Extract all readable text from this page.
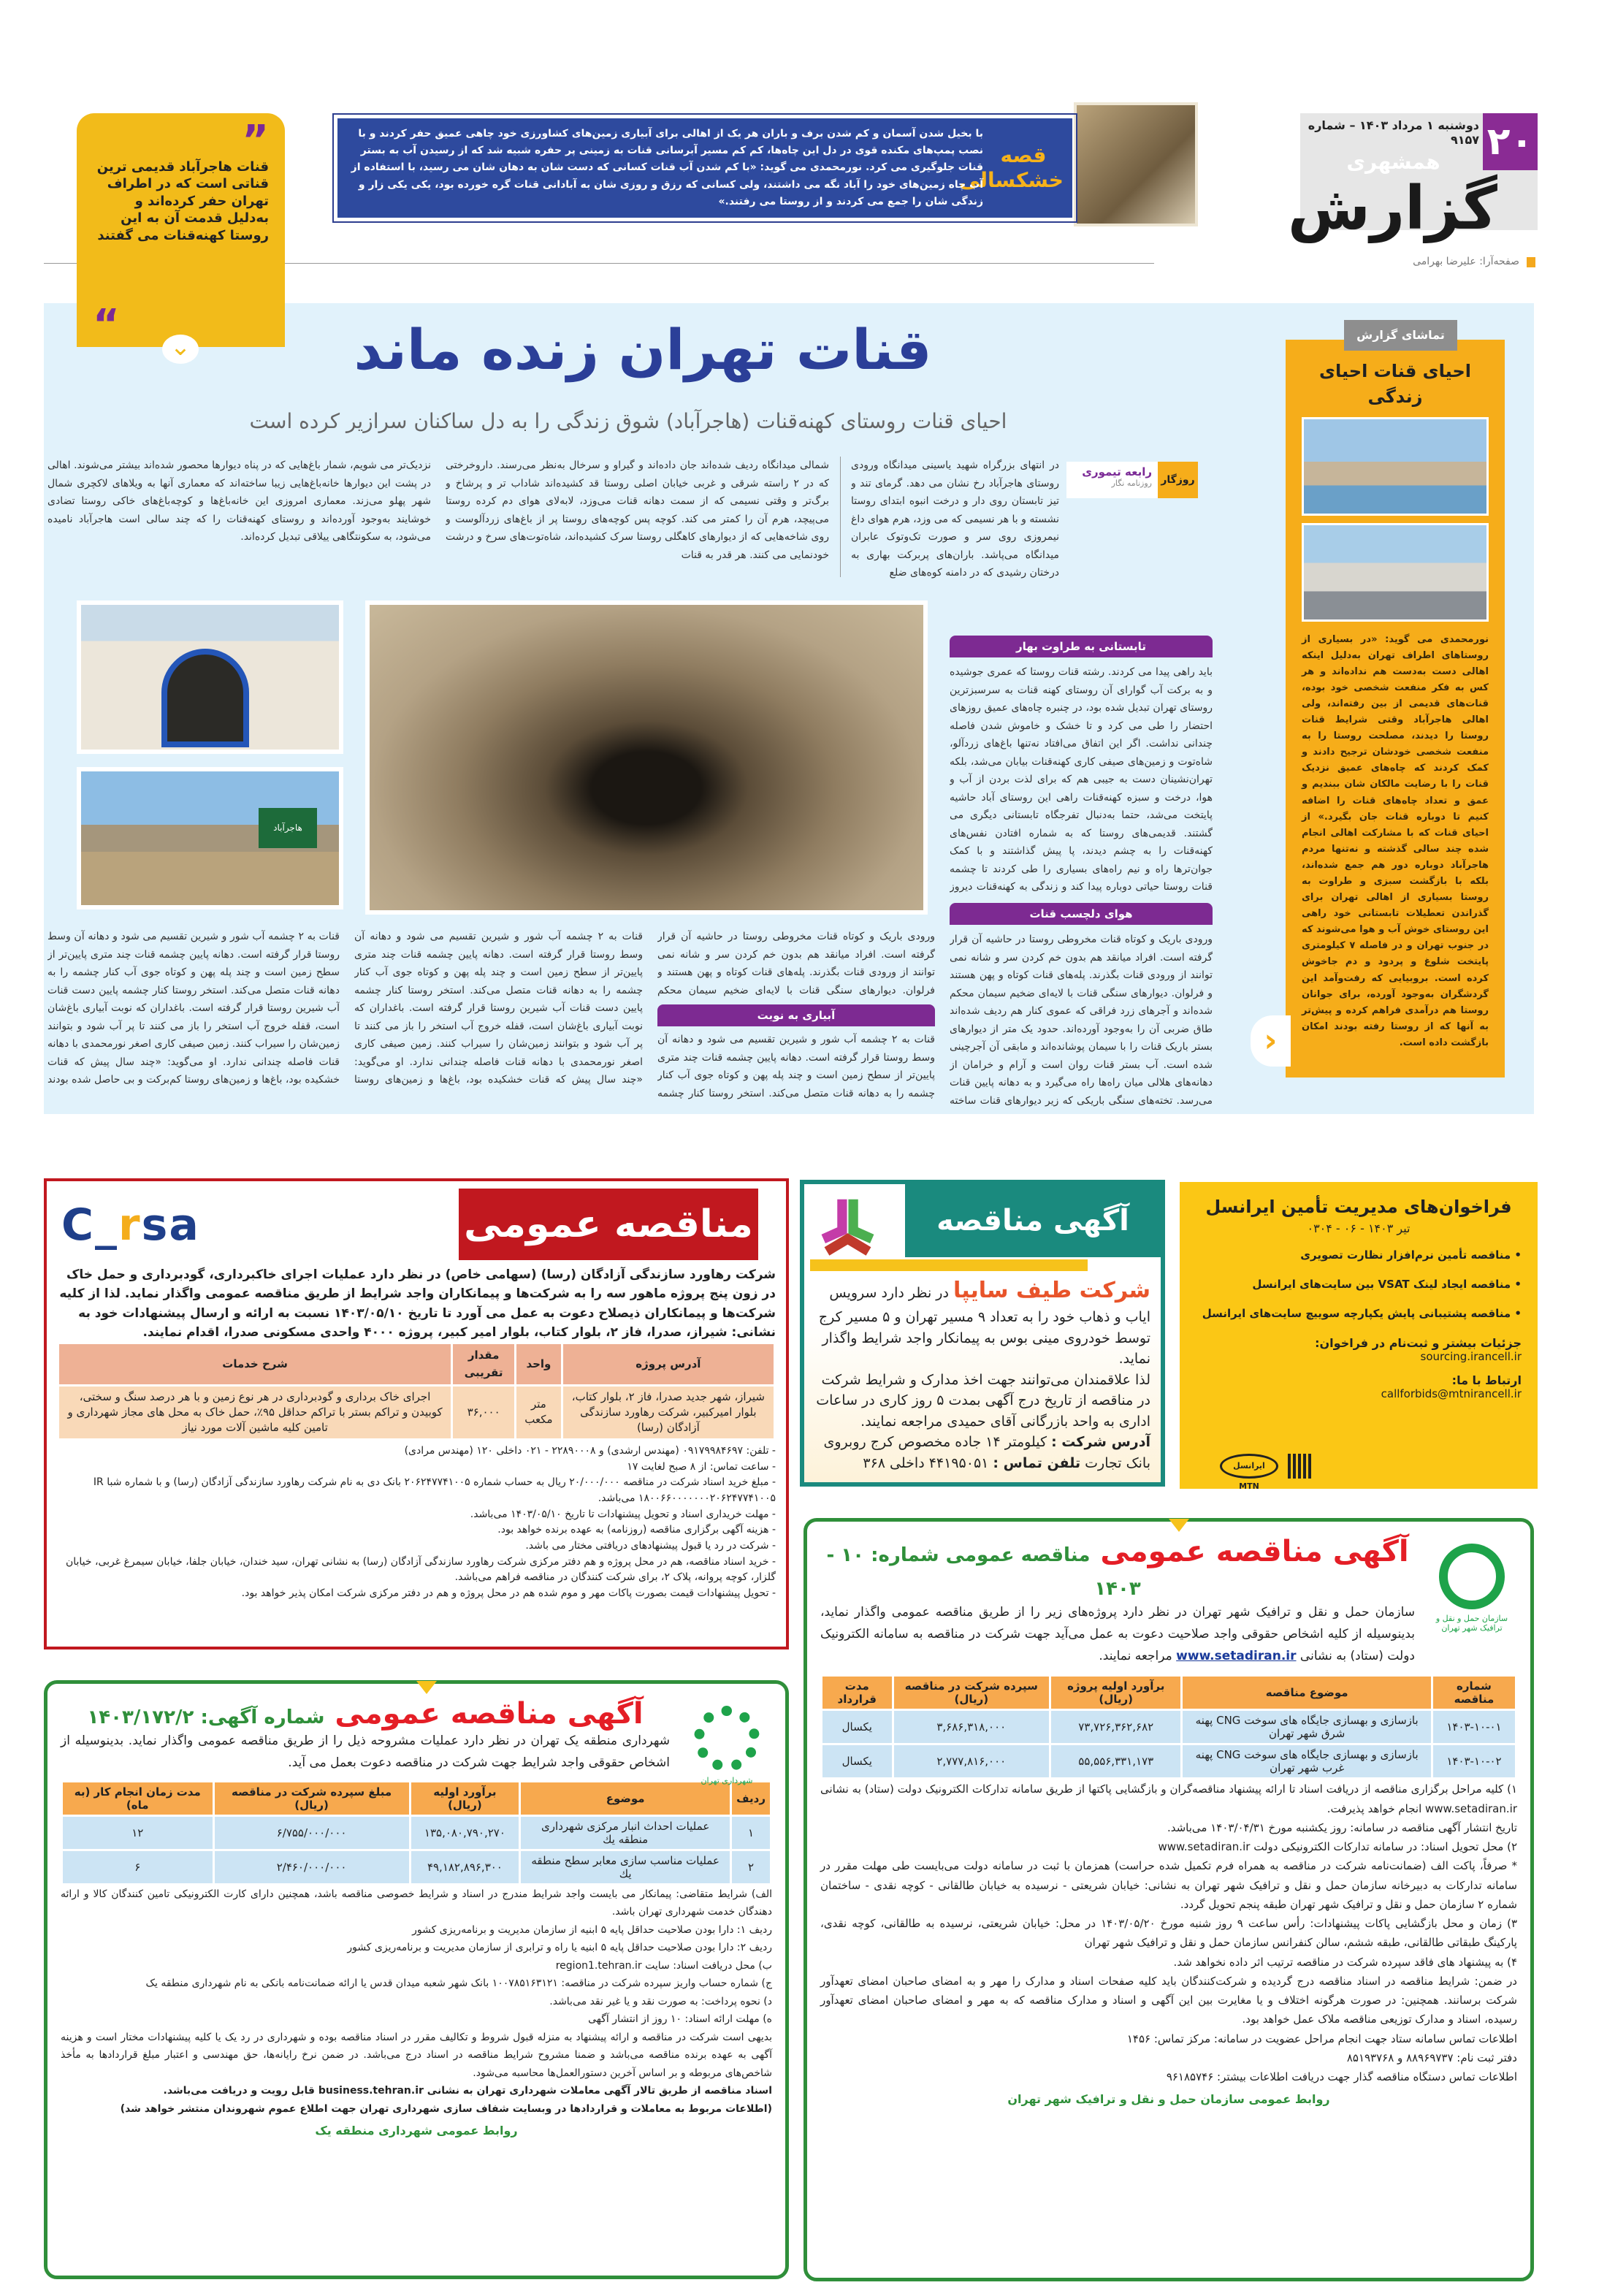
۲۰
دوشنبه ۱ مرداد ۱۴۰۳ – شماره ۹۱۵۷
همشهری
گزارش
صفحه‌آرا: علیرضا بهرامی
قصه خشکسالی
با بخیل شدن آسمان و کم شدن برف و باران هر یک از اهالی برای آبیاری زمین‌های کشاورزی خود چاهی عمیق حفر کردند و با نصب پمپ‌های مکنده قوی در دل این چاه‌ها، کم کم مسیر آبرسانی قنات به زمینی پر حفره شبیه شد که از رسیدن آب به بستر قنات جلوگیری می کرد. نورمحمدی می گوید: «با کم شدن آب قنات کسانی که دست شان به دهان شان می رسید، با استفاده از آب چاه زمین‌های خود را آباد نگه می داشتند، ولی کسانی که رزق و روزی شان به آبادانی قنات گره خورده بود، یکی یکی زار و زندگی شان را جمع می کردند و از روستا می رفتند.»
”
قنات هاجرآباد قدیمی ترین قناتی است که در اطراف تهران حفر کرده‌اند و به‌دلیل قدمت آن به این روستا کهنه‌قنات می گفتند
“	⌄	قنات تهران زنده ماند
احیای قنات روستای کهنه‌قنات (هاجرآباد) شوق زندگی را به دل ساکنان سرازیر کرده است
روزگار
رابعه تیموری
روزنامه نگار
در انتهای بزرگراه شهید یاسینی میدانگاه ورودی روستای هاجرآباد رخ نشان می دهد. گرمای تند و تیز تابستان روی دار و درخت انبوه ابتدای روستا نشسته و با هر نسیمی که می وزد، هرم هوای داغ نیمروزی روی سر و صورت تک‌وتوک عابران میدانگاه می‌پاشد. باران‌های پربرکت بهاری به درختان رشیدی که در دامنه کوه‌های ضلع
شمالی میدانگاه ردیف شده‌اند جان داده‌اند و گیراو و سرخال به‌نظر می‌رسند. داروخرختی که در ۲ راسته شرقی و غربی خیابان اصلی روستا قد کشیده‌اند شاداب تر و پرشاخ و برگ‌تر و وقتی نسیمی که از سمت دهانه قنات می‌وزد، لابه‌لای هوای دم کرده روستا می‌پیچد، هرم آن را کمتر می کند. کوچه پس کوچه‌های روستا پر از باغ‌های زردآلوست و روی شاخه‌هایی که از دیوارهای کاهگلی روستا سرک کشیده‌اند، شاه‌توت‌های سرخ و درشت خودنمایی می کنند. هر قدر به قنات
نزدیک‌تر می شویم، شمار باغ‌هایی که در پناه دیوارها محصور شده‌اند بیشتر می‌شوند. اهالی در پشت این دیوارها خانه‌باغ‌هایی زیبا ساخته‌اند که معماری آنها به ویلاهای لاکچری شمال شهر پهلو می‌زند. معماری امروزی این خانه‌باغ‌ها و کوچه‌باغ‌های خاکی روستا تضادی خوشایند به‌وجود آورده‌اند و روستای کهنه‌قنات را که چند سالی است هاجرآباد نامیده می‌شود، به سکونتگاهی ییلاقی تبدیل کرده‌اند.
هاجرآباد
تابستانی به طراوت بهار
باید راهی پیدا می کردند. رشته قنات روستا که عمری جوشیده و به برکت آب گوارای آن روستای کهنه قنات به سرسبزترین روستای تهران تبدیل شده بود، در چنبره چاه‌های عمیق روزهای احتضار را طی می کرد و تا خشک و خاموش شدن فاصله چندانی نداشت. اگر این اتفاق می‌افتاد نه‌تنها باغ‌های زردآلو، شاه‌توت و زمین‌های صیفی کاری کهنه‌قنات بیابان می‌شد، بلکه تهران‌نشینان دست به جیبی هم که برای لذت بردن از آب و هوا، درخت و سبزه کهنه‌قنات راهی این روستای آباد حاشیه پایتخت می‌شد، حتما به‌دنبال تفرجگاه تابستانی دیگری می گشتند. قدیمی‌های روستا که به شماره افتادن نفس‌های کهنه‌قنات را به چشم دیدند، پا پیش گذاشتند و با کمک جوان‌ترها راه و نیم راه‌های بسیاری را طی کردند تا چشمه قنات روستا حیاتی دوباره پیدا کند و زندگی به کهنه‌قنات دیروز
هوای دلچسب قنات
ورودی باریک و کوتاه قنات مخروطی روستا در حاشیه آن قرار گرفته است. افراد میانقد هم بدون خم کردن سر و شانه نمی توانند از ورودی قنات بگذرند. پله‌های قنات کوتاه و پهن هستند و فرلوان. دیوارهای سنگی قنات با لایه‌ای ضخیم سیمان محکم شده‌اند و آجرهای زرد فراقی که عموی کنار هم ردیف شده‌اند طاق ضربی آن را به‌وجود آورده‌اند. حدود یک متر از دیوارهای بستر باریک قنات را با سیمان پوشانده‌اند و مابقی آن آجرچینی شده است. آب بستر قنات روان است و آرام و خرامان از دهانه‌های هلالی میان راه‌ها راه می‌گیرد و به دهانه پایین قنات می‌رسد. تخته‌های سنگی باریکی که زیر دیوارهای قنات ساخته
ورودی باریک و کوتاه قنات مخروطی روستا در حاشیه آن قرار گرفته است. افراد میانقد هم بدون خم کردن سر و شانه نمی توانند از ورودی قنات بگذرند. پله‌های قنات کوتاه و پهن هستند و فرلوان. دیوارهای سنگی قنات با لایه‌ای ضخیم سیمان محکم
آبیاری به نوبت
قنات به ۲ چشمه آب شور و شیرین تقسیم می شود و دهانه آن وسط روستا قرار گرفته است. دهانه پایین چشمه قنات چند متری پایین‌تر از سطح زمین است و چند پله پهن و کوتاه جوی آب کنار چشمه را به دهانه قنات متصل می‌کند. استخر روستا کنار چشمه
قنات به ۲ چشمه آب شور و شیرین تقسیم می شود و دهانه آن وسط روستا قرار گرفته است. دهانه پایین چشمه قنات چند متری پایین‌تر از سطح زمین است و چند پله پهن و کوتاه جوی آب کنار چشمه را به دهانه قنات متصل می‌کند. استخر روستا کنار چشمه پایین دست قنات آب شیرین روستا قرار گرفته است. باغداران که نوبت آبیاری باغ‌شان است، قفله خروج آب استخر را باز می کنند تا پر آب شود و بتوانند زمین‌شان را سیراب کنند. زمین صیفی کاری اصغر نورمحمدی با دهانه قنات فاصله چندانی ندارد. او می‌گوید: «چند سال پیش که قنات خشکیده بود، باغ‌ها و زمین‌های روستا
قنات به ۲ چشمه آب شور و شیرین تقسیم می شود و دهانه آن وسط روستا قرار گرفته است. دهانه پایین چشمه قنات چند متری پایین‌تر از سطح زمین است و چند پله پهن و کوتاه جوی آب کنار چشمه را به دهانه قنات متصل می‌کند. استخر روستا کنار چشمه پایین دست قنات آب شیرین روستا قرار گرفته است. باغداران که نوبت آبیاری باغ‌شان است، قفله خروج آب استخر را باز می کنند تا پر آب شود و بتوانند زمین‌شان را سیراب کنند. زمین صیفی کاری اصغر نورمحمدی با دهانه قنات فاصله چندانی ندارد. او می‌گوید: «چند سال پیش که قنات خشکیده بود، باغ‌ها و زمین‌های روستا کم‌برکت و بی حاصل شده بودند
احیای قنات احیای زندگی
نورمحمدی می گوید: «در بسیاری از روستاهای اطراف تهران به‌دلیل اینکه اهالی دست به‌دست هم نداده‌اند و هر کس به فکر منفعت شخصی خود بوده، قنات‌های قدیمی از بین رفته‌اند، ولی اهالی هاجرآباد وقتی شرایط قنات روستا را دیدند، مصلحت روستا را به منفعت شخصی خودشان ترجیح دادند و کمک کردند که چاه‌های عمیق نزدیک قنات را با رضایت مالکان شان ببندیم و عمق و تعداد چاه‌های قنات را اضافه کنیم تا دوباره قنات جان بگیرد.» از احیای قنات که با مشارکت اهالی انجام شده چند سالی گذشته و نه‌تنها مردم هاجرآباد دوباره دور هم جمع شده‌اند، بلکه با بازگشت سبزی و طراوت به روستا بسیاری از اهالی تهران برای گذراندن تعطیلات تابستانی خود راهی این روستای خوش آب و هوا می‌شوند که در جنوب تهران و در فاصله ۷ کیلومتری پایتخت شلوغ و پردود و دم جاخوش کرده است. بروبیایی که رفت‌وآمد این گردشگران به‌وجود آورده، برای جوانان روستا هم درآمدی فراهم کرده و پیش‌تر به آنها که از روستا رفته بودند امکان بازگشت داده است.
تماشای گزارش
‹
C_rsa	مناقصه عمومی
شرکت رهاورد سازندگی آزادگان (رسا) (سهامی خاص) در نظر دارد عملیات اجرای خاکبرداری، گودبرداری و حمل خاک در زون پنج پروژه ماهور سه را به شرکت‌ها و پیمانکاران واجد شرایط از طریق مناقصه عمومی واگذار نماید. لذا از کلیه شرکت‌ها و پیمانکاران ذیصلاح دعوت به عمل می آورد تا تاریخ ۱۴۰۳/۰۵/۱۰ نسبت به ارائه و ارسال پیشنهادات خود به نشانی: شیراز، صدرا، فاز ۲، بلوار کتاب، بلوار امیر کبیر، پروژه ۴۰۰۰ واحدی مسکونی صدرا، اقدام نمایند.
آدرس پروژه	واحد	مقدار تقریبی	شرح خدمات
شیراز، شهر جدید صدرا، فاز ۲، بلوار کتاب، بلوار امیرکبیر، شرکت رهاورد سازندگی آزادگان (رسا)	متر مکعب	۳۶,۰۰۰	اجرای خاک برداری و گودبرداری در هر نوع زمین و با هر درصد سنگ و سختی، کوبیدن و تراکم بستر با تراکم حداقل ۹۵٪، حمل خاک به محل های مجاز شهرداری و تامین کلیه ماشین آلات مورد نیاز
- تلفن: ۰۹۱۷۹۹۸۴۶۹۷ (مهندس ارشدی) و ۲۲۸۹۰۰۰۸ - ۰۲۱ داخلی ۱۲۰ (مهندس مرادی)
- ساعت تماس: از ۸ صبح لغایت ۱۷
- مبلغ خرید اسناد شرکت در مناقصه ۲۰/۰۰۰/۰۰۰ ریال به حساب شماره ۲۰۶۲۴۷۷۴۱۰۰۵ بانک دی به نام شرکت رهاورد سازندگی آزادگان (رسا) و با شماره شبا IR ۱۸۰۰۶۶۰۰۰۰۰۰۰۲۰۶۲۴۷۷۴۱۰۰۵ می‌باشد.
- مهلت خریداری اسناد و تحویل پیشنهادات تا تاریخ ۱۴۰۳/۰۵/۱۰ می‌باشد.
- هزینه آگهی برگزاری مناقصه (روزنامه) به عهده برنده خواهد بود.
- شرکت در رد یا قبول پیشنهادهای دریافتی مختار می باشد.
- خرید اسناد مناقصه، هم در محل پروژه و هم دفتر مرکزی شرکت رهاورد سازندگی آزادگان (رسا) به نشانی تهران، سید خندان، خیابان جلفا، خیابان سیمرغ غربی، خیابان گلزار، کوچه پروانه، پلاک ۲، برای شرکت کنندگان در مناقصه فراهم می‌باشد.
- تحویل پیشنهادات قیمت بصورت پاکات مهر و موم شده هم در محل پروژه و هم در دفتر مرکزی شرکت امکان پذیر خواهد بود.
آگهی مناقصه
شرکت طیف سایپا در نظر دارد سرویس ایاب و ذهاب خود را به تعداد ۹ مسیر تهران و ۵ مسیر کرج توسط خودروی مینی بوس به پیمانکار واجد شرایط واگذار نماید.
لذا علاقمندان می‌توانند جهت اخذ مدارک و شرایط شرکت در مناقصه از تاریخ درج آگهی بمدت ۵ روز کاری در ساعات اداری به واحد بازرگانی آقای حمیدی مراجعه نمایند.
آدرس شرکت : کیلومتر ۱۴ جاده مخصوص کرج روبروی بانک تجارت تلفن تماس : ۴۴۱۹۵۰۵۱ داخلی ۳۶۸
فراخوان‌های مدیریت تأمین ایرانسل
تیر ۱۴۰۳ - ۰۶ - ۰۳۰۴
• مناقصه تأمین نرم‌افزار نظارت تصویری
• مناقصه ایجاد لینک VSAT بین سایت‌های ایرانسل
• مناقصه پشتیبانی پایش یکپارچه سوییچ سایت‌های ایرانسل
جزئیات بیشتر و ثبت‌نام در فراخوان:
sourcing.irancell.ir
ارتباط با ما:
callforbids@mtnirancell.ir
ایرانسل MTN
سازمان حمل و نقل و ترافیک شهر تهران
آگهی مناقصه عمومی مناقصه عمومی شماره: ۱۰ - ۱۴۰۳
سازمان حمل و نقل و ترافیک شهر تهران در نظر دارد پروژه‌های زیر را از طریق مناقصه عمومی واگذار نماید، بدینوسیله از کلیه اشخاص حقوقی واجد صلاحیت دعوت به عمل می‌آید جهت شرکت در مناقصه به سامانه الکترونیک دولت (ستاد) به نشانی www.setadiran.ir مراجعه نمایند.
شماره مناقصه	موضوع مناقصه	برآورد اولیه پروژه (ریال)	سپرده شرکت در مناقصه (ریال)	مدت قرارداد
۱۴۰۳-۱۰-۰۱	بازسازی و بهسازی جایگاه های سوخت CNG پهنه شرق شهر تهران	۷۳,۷۲۶,۳۶۲,۶۸۲	۳,۶۸۶,۳۱۸,۰۰۰	یکسال
۱۴۰۳-۱۰-۰۲	بازسازی و بهسازی جایگاه های سوخت CNG پهنه غرب شهر تهران	۵۵,۵۵۶,۳۳۱,۱۷۳	۲,۷۷۷,۸۱۶,۰۰۰	یکسال
۱) کلیه مراحل برگزاری مناقصه از دریافت اسناد تا ارائه پیشنهاد مناقصه‌گران و بازگشایی پاکتها از طریق سامانه تدارکات الکترونیک دولت (ستاد) به نشانی www.setadiran.ir انجام خواهد پذیرفت.
تاریخ انتشار آگهی مناقصه در سامانه: روز یکشنبه مورخ ۱۴۰۳/۰۴/۳۱ می‌باشد.
۲) محل تحویل اسناد: در سامانه تدارکات الکترونیکی دولت www.setadiran.ir
* صرفاً، پاکت الف (ضمانت‌نامه شرکت در مناقصه به همراه فرم تکمیل شده حراست) همزمان با ثبت در سامانه دولت می‌بایست طی مهلت مقرر در سامانه تدارکات به دبیرخانه سازمان حمل و نقل و ترافیک شهر تهران به نشانی: خیابان شریعتی - نرسیده به خیابان طالقانی - کوچه نقدی - ساختمان شماره ۲ سازمان حمل و نقل و ترافیک شهر تهران طبقه پنجم تحویل گردد.
۳) زمان و محل بازگشایی پاکات پیشنهادات: رأس ساعت ۹ روز شنبه مورخ ۱۴۰۳/۰۵/۲۰ در محل: خیابان شریعتی، نرسیده به طالقانی، کوچه نقدی، پارکینگ طبقاتی طالقانی، طبقه ششم، سالن کنفرانس سازمان حمل و نقل و ترافیک شهر تهران
۴) به پیشنهاد های فاقد سپرده شرکت در مناقصه ترتیب اثر داده نخواهد شد.
در ضمن: شرایط مناقصه در اسناد مناقصه درج گردیده و شرکت‌کنندگان باید کلیه صفحات اسناد و مدارک را مهر و به امضای صاحبان امضای تعهدآور شرکت برسانند. همچنین: در صورت هرگونه اختلاف و یا مغایرت بین این آگهی و اسناد و مدارک مناقصه که به مهر و امضای صاحبان امضای تعهدآور رسیده، اسناد و مدارک توزیعی مناقصه ملاک عمل خواهد بود.
اطلاعات تماس سامانه ستاد جهت انجام مراحل عضویت در سامانه: مرکز تماس: ۱۴۵۶
دفتر ثبت نام: ۸۸۹۶۹۷۳۷ و ۸۵۱۹۳۷۶۸
اطلاعات تماس دستگاه مناقصه گذار جهت دریافت اطلاعات بیشتر: ۹۶۱۸۵۷۴۶
روابط عمومی سازمان حمل و نقل و ترافیک شهر تهران
شهرداری تهران
آگهی مناقصه عمومی شماره آگهی: ۱۴۰۳/۱۷۲/۲
شهرداری منطقه یک تهران در نظر دارد عملیات مشروحه ذیل را از طریق مناقصه عمومی واگذار نماید. بدینوسیله از اشخاص حقوقی واجد شرایط جهت شرکت در مناقصه دعوت بعمل می آید.
ردیف	موضوع	برآورد اولیه (ریال)	مبلغ سپرده شرکت در مناقصه (ریال)	مدت زمان انجام کار (به ماه)
۱	عملیات احداث انبار مرکزی شهرداری منطقه یك	۱۳۵,۰۸۰,۷۹۰,۲۷۰	۶/۷۵۵/۰۰۰/۰۰۰	۱۲
۲	عملیات مناسب سازی معابر سطح منطقه یك	۴۹,۱۸۲,۸۹۶,۳۰۰	۲/۴۶۰/۰۰۰/۰۰۰	۶
الف) شرایط متقاضی: پیمانکار می بایست واجد شرایط مندرج در اسناد و شرایط خصوصی مناقصه باشد، همچنین دارای کارت الکترونیکی تامین کنندگان کالا و ارائه دهندگان خدمت شهرداری تهران باشد.
ردیف ۱: دارا بودن صلاحیت حداقل پایه ۵ ابنیه از سازمان مدیریت و برنامه‌ریزی کشور
ردیف ۲: دارا بودن صلاحیت حداقل پایه ۵ ابنیه یا راه و ترابری از سازمان مدیریت و برنامه‌ریزی کشور
ب) محل دریافت اسناد: سایت region1.tehran.ir
ج) شماره حساب واریز سپرده شرکت در مناقصه: ۱۰۰۷۸۵۱۶۳۱۲۱ بانک شهر شعبه میدان قدس یا ارائه ضمانت‌نامه بانکی به نام شهرداری منطقه یک
د) نحوه پرداخت: به صورت نقد و یا غیر نقد می‌باشد.
ه) مهلت ارائه اسناد: ۱۰ روز از انتشار آگهی
بدیهی است شرکت در مناقصه و ارائه پیشنهاد به منزله قبول شروط و تکالیف مقرر در اسناد مناقصه بوده و شهرداری در رد یک یا کلیه پیشنهادات مختار است و هزینه آگهی به عهده برنده مناقصه می‌باشد و ضمنا مشروح شرایط مناقصه در اسناد درج می‌باشد. در ضمن نرخ رایانه‌ها، حق مهندسی و اعتبار مبلغ قراردادها به مأخذ شاخص‌های مربوطه و بر اساس آخرین دستورالعمل‌ها محاسبه می‌شود.
اسناد مناقصه از طریق تالار آگهی معاملات شهرداری تهران به نشانی business.tehran.ir قابل رویت و دریافت می‌باشد.
(اطلاعات مربوط به معاملات و قراردادها در وبسایت شفاف سازی شهرداری تهران جهت اطلاع عموم شهروندان منتشر خواهد شد)
روابط عمومی شهرداری منطقه یک
